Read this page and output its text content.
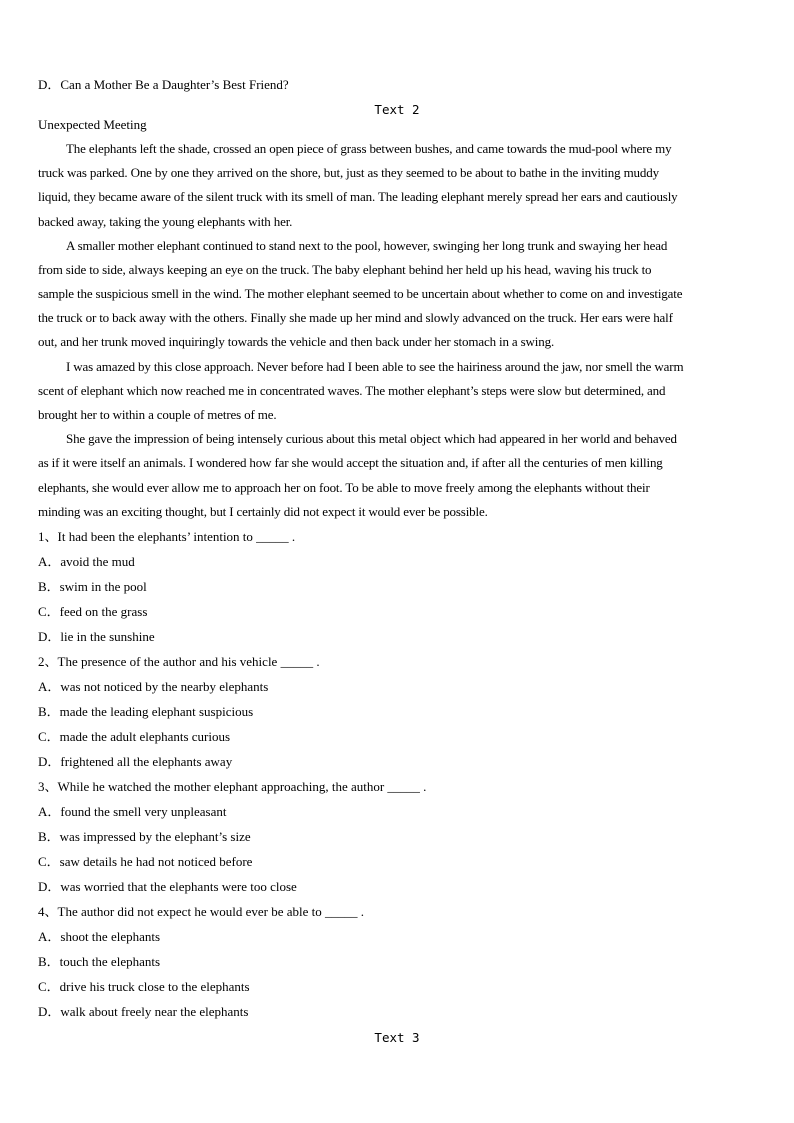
D．Can a Mother Be a Daughter’s Best Friend?
Text 2
Unexpected Meeting
The elephants left the shade, crossed an open piece of grass between bushes, and came towards the mud-pool where my
truck was parked. One by one they arrived on the shore, but, just as they seemed to be about to bathe in the inviting muddy
liquid, they became aware of the silent truck with its smell of man. The leading elephant merely spread her ears and cautiously
backed away, taking the young elephants with her.
A smaller mother elephant continued to stand next to the pool, however, swinging her long trunk and swaying her head
from side to side, always keeping an eye on the truck. The baby elephant behind her held up his head, waving his truck to
sample the suspicious smell in the wind. The mother elephant seemed to be uncertain about whether to come on and investigate
the truck or to back away with the others. Finally she made up her mind and slowly advanced on the truck. Her ears were half
out, and her trunk moved inquiringly towards the vehicle and then back under her stomach in a swing.
I was amazed by this close approach. Never before had I been able to see the hairiness around the jaw, nor smell the warm
scent of elephant which now reached me in concentrated waves. The mother elephant’s steps were slow but determined, and
brought her to within a couple of metres of me.
She gave the impression of being intensely curious about this metal object which had appeared in her world and behaved
as if it were itself an animals. I wondered how far she would accept the situation and, if after all the centuries of men killing
elephants, she would ever allow me to approach her on foot. To be able to move freely among the elephants without their
minding was an exciting thought, but I certainly did not expect it would ever be possible.
1、It had been the elephants’ intention to _____ .
A．avoid the mud
B．swim in the pool
C．feed on the grass
D．lie in the sunshine
2、The presence of the author and his vehicle _____ .
A．was not noticed by the nearby elephants
B．made the leading elephant suspicious
C．made the adult elephants curious
D．frightened all the elephants away
3、While he watched the mother elephant approaching, the author _____ .
A．found the smell very unpleasant
B．was impressed by the elephant’s size
C．saw details he had not noticed before
D．was worried that the elephants were too close
4、The author did not expect he would ever be able to _____ .
A．shoot the elephants
B．touch the elephants
C．drive his truck close to the elephants
D．walk about freely near the elephants
Text 3
